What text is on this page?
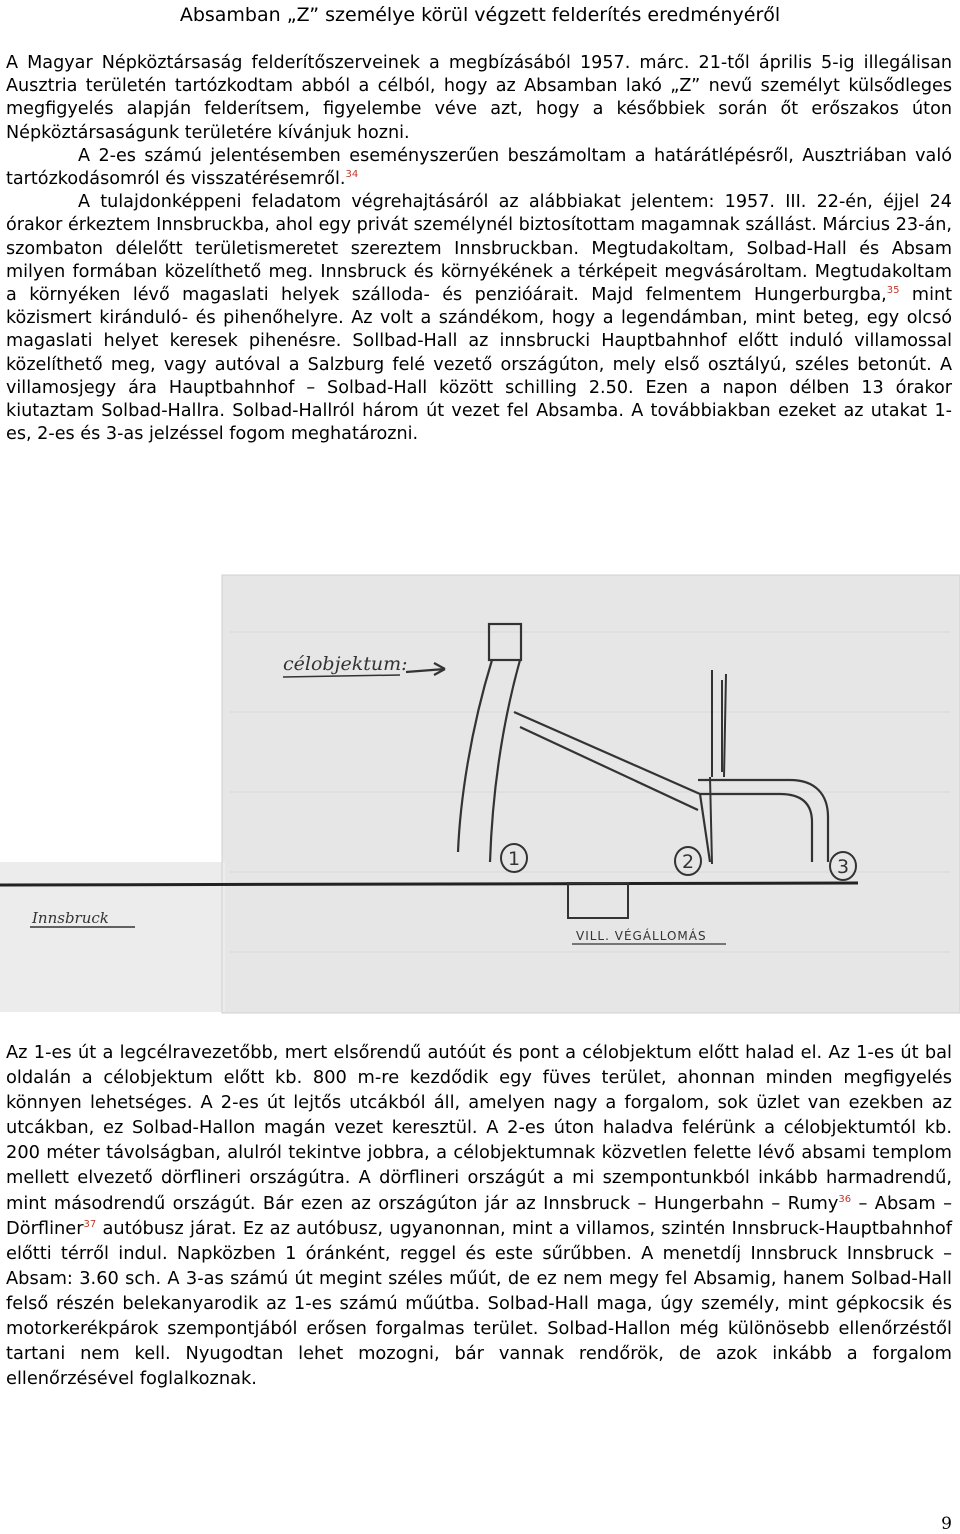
Absamban „Z” személye körül végzett felderítés eredményéről

A Magyar Népköztársaság felderítőszerveinek a megbízásából 1957. márc. 21-től április 5-ig illegálisan Ausztria területén tartózkodtam abból a célból, hogy az Absamban lakó „Z” nevű személyt külsődleges megfigyelés alapján felderítsem, figyelembe véve azt, hogy a későbbiek során őt erőszakos úton Népköztársaságunk területére kívánjuk hozni.

A 2-es számú jelentésemben eseményszerűen beszámoltam a határátlépésről, Ausztriában való tartózkodásomról és visszatérésemről.$^{34}$

A tulajdonképpeni feladatom végrehajtásáról az alábbiakat jelentem: 1957. III. 22-én, éjjel 24 órakor érkeztem Innsbruckba, ahol egy privát személynél biztosítottam magamnak szállást. Március 23-án, szombaton délelőtt területismeretet szereztem Innsbruckban. Megtudakoltam, Solbad-Hall és Absam milyen formában közelíthető meg. Innsbruck és környékének a térképeit megvásároltam. Megtudakoltam a környéken lévő magaslati helyek szálloda- és penzióárait. Majd felmentem Hungerburgba,$^{35}$ mint közismert kiránduló- és pihenőhelyre. Az volt a szándékom, hogy a legendámban, mint beteg, egy olcsó magaslati helyet keresek pihenésre. Sollbad-Hall az innsbrucki Hauptbahnhof előtt induló villamossal közelíthető meg, vagy autóval a Salzburg felé vezető országúton, mely első osztályú, széles betonút. A villamosjegy ára Hauptbahnhof – Solbad-Hall között schilling 2.50. Ezen a napon délben 13 órakor kiutaztam Solbad-Hallra. Solbad-Hallról három út vezet fel Absamba. A továbbiakban ezeket az utakat 1-es, 2-es és 3-as jelzéssel fogom meghatározni.

célobjektum:
1	2	3
Innsbruck
VILL. VÉGÁLLOMÁS

Az 1-es út a legcélravezetőbb, mert elsőrendű autóút és pont a célobjektum előtt halad el. Az 1-es út bal oldalán a célobjektum előtt kb. 800 m-re kezdődik egy füves terület, ahonnan minden megfigyelés könnyen lehetséges. A 2-es út lejtős utcákból áll, amelyen nagy a forgalom, sok üzlet van ezekben az utcákban, ez Solbad-Hallon magán vezet keresztül. A 2-es úton haladva felérünk a célobjektumtól kb. 200 méter távolságban, alulról tekintve jobbra, a célobjektumnak közvetlen felette lévő absami templom mellett elvezető dörflineri országútra. A dörflineri országút a mi szempontunkból inkább harmadrendű, mint másodrendű országút. Bár ezen az országúton jár az Innsbruck – Hungerbahn – Rumy$^{36}$ – Absam – Dörfliner$^{37}$ autóbusz járat. Ez az autóbusz, ugyanonnan, mint a villamos, szintén Innsbruck-Hauptbahnhof előtti térről indul. Napközben 1 óránként, reggel és este sűrűbben. A menetdíj Innsbruck Innsbruck – Absam: 3.60 sch. A 3-as számú út megint széles műút, de ez nem megy fel Absamig, hanem Solbad-Hall felső részén belekanyarodik az 1-es számú műútba. Solbad-Hall maga, úgy személy, mint gépkocsik és motorkerékpárok szempontjából erősen forgalmas terület. Solbad-Hallon még különösebb ellenőrzéstől tartani nem kell. Nyugodtan lehet mozogni, bár vannak rendőrök, de azok inkább a forgalom ellenőrzésével foglalkoznak.

9
